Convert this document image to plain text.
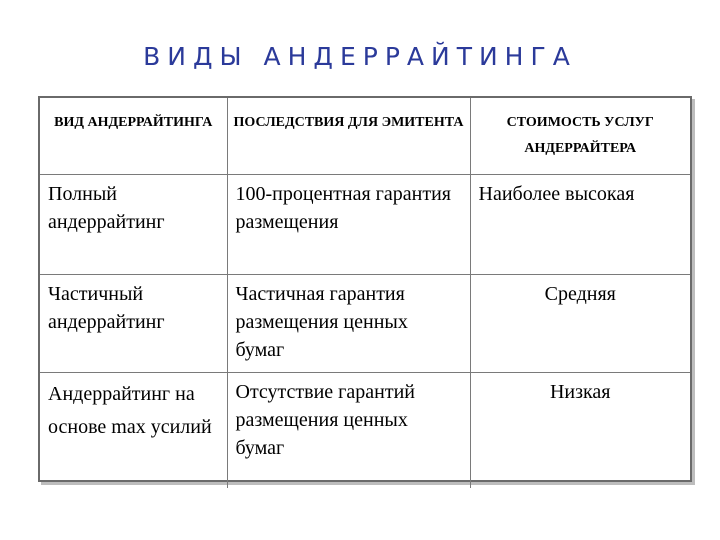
ВИДЫ АНДЕРРАЙТИНГА
ВИД АНДЕРРАЙТИНГА	ПОСЛЕДСТВИЯ ДЛЯ ЭМИТЕНТА	СТОИМОСТЬ УСЛУГ АНДЕРРАЙТЕРА
Полный андеррайтинг	100-процентная гарантия размещения	Наиболее высокая
Частичный андеррайтинг	Частичная гарантия размещения ценных бумаг	Средняя
Андеррайтинг на основе max усилий	Отсутствие гарантий размещения ценных бумаг	Низкая
